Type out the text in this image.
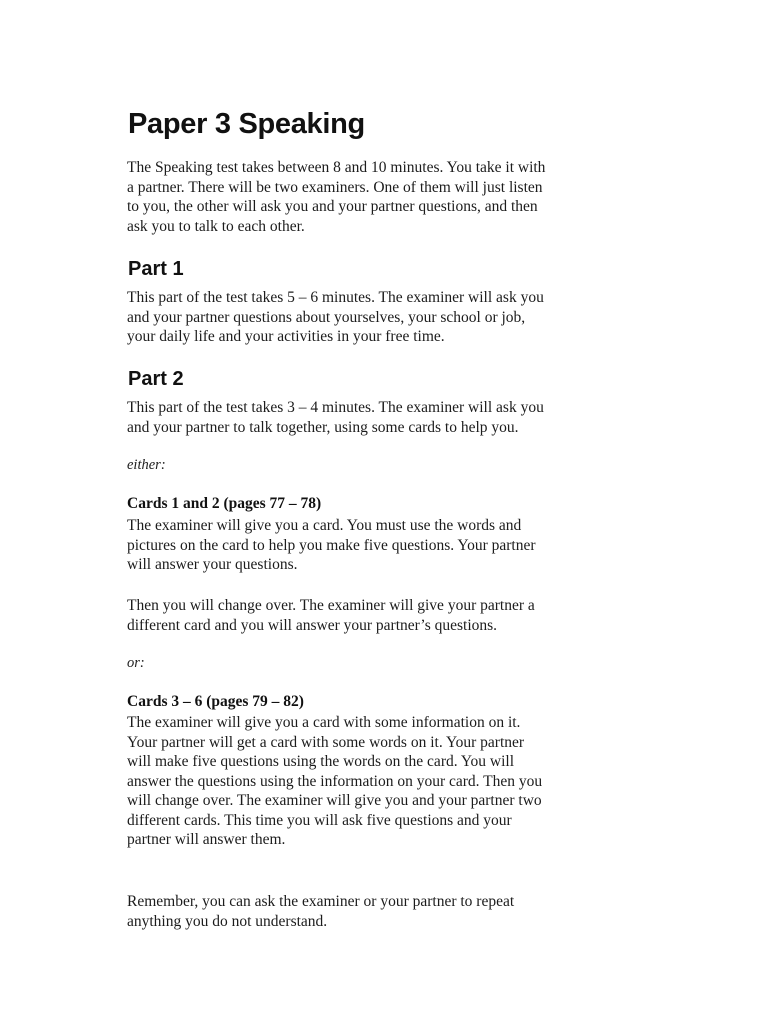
Paper 3 Speaking
The Speaking test takes between 8 and 10 minutes. You take it with
a partner. There will be two examiners. One of them will just listen
to you, the other will ask you and your partner questions, and then
ask you to talk to each other.
Part 1
This part of the test takes 5 – 6 minutes. The examiner will ask you
and your partner questions about yourselves, your school or job,
your daily life and your activities in your free time.
Part 2
This part of the test takes 3 – 4 minutes. The examiner will ask you
and your partner to talk together, using some cards to help you.

either:

Cards 1 and 2 (pages 77 – 78)

The examiner will give you a card. You must use the words and
pictures on the card to help you make five questions. Your partner
will answer your questions.
Then you will change over. The examiner will give your partner a
different card and you will answer your partner’s questions.

or:

Cards 3 – 6 (pages 79 – 82)

The examiner will give you a card with some information on it.
Your partner will get a card with some words on it. Your partner
will make five questions using the words on the card. You will
answer the questions using the information on your card. Then you
will change over. The examiner will give you and your partner two
different cards. This time you will ask five questions and your
partner will answer them.
Remember, you can ask the examiner or your partner to repeat
anything you do not understand.
